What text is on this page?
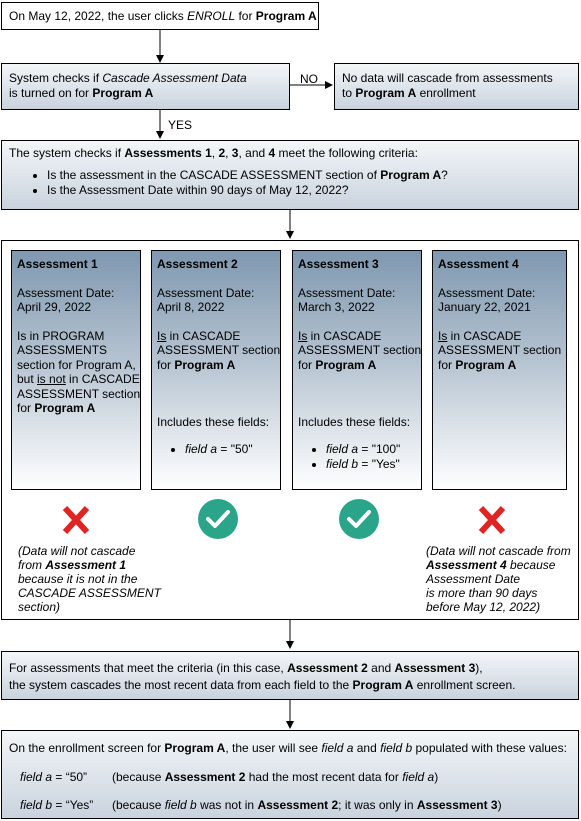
On May 12, 2022, the user clicks ENROLL for Program A
System checks if Cascade Assessment Data
is turned on for Program A
NO
YES
No data will cascade from assessments
to Program A enrollment
The system checks if Assessments 1, 2, 3, and 4 meet the following criteria:
• Is the assessment in the CASCADE ASSESSMENT section of Program A?
• Is the Assessment Date within 90 days of May 12, 2022?
Assessment 1
Assessment Date:
April 29, 2022
Is in PROGRAM
ASSESSMENTS
section for Program A,
but is not in CASCADE
ASSESSMENT section
for Program A
Assessment 2
Assessment Date:
April 8, 2022
Is in CASCADE
ASSESSMENT section
for Program A
Includes these fields:
• field a = "50"
Assessment 3
Assessment Date:
March 3, 2022
Is in CASCADE
ASSESSMENT section
for Program A
Includes these fields:
• field a = "100"
• field b = "Yes"
Assessment 4
Assessment Date:
January 22, 2021
Is in CASCADE
ASSESSMENT section
for Program A
(Data will not cascade
from Assessment 1
because it is not in the
CASCADE ASSESSMENT
section)
(Data will not cascade from
Assessment 4 because
Assessment Date
is more than 90 days
before May 12, 2022)
For assessments that meet the criteria (in this case, Assessment 2 and Assessment 3),
the system cascades the most recent data from each field to the Program A enrollment screen.
On the enrollment screen for Program A, the user will see field a and field b populated with these values:
field a = “50” (because Assessment 2 had the most recent data for field a)
field b = “Yes” (because field b was not in Assessment 2; it was only in Assessment 3)
